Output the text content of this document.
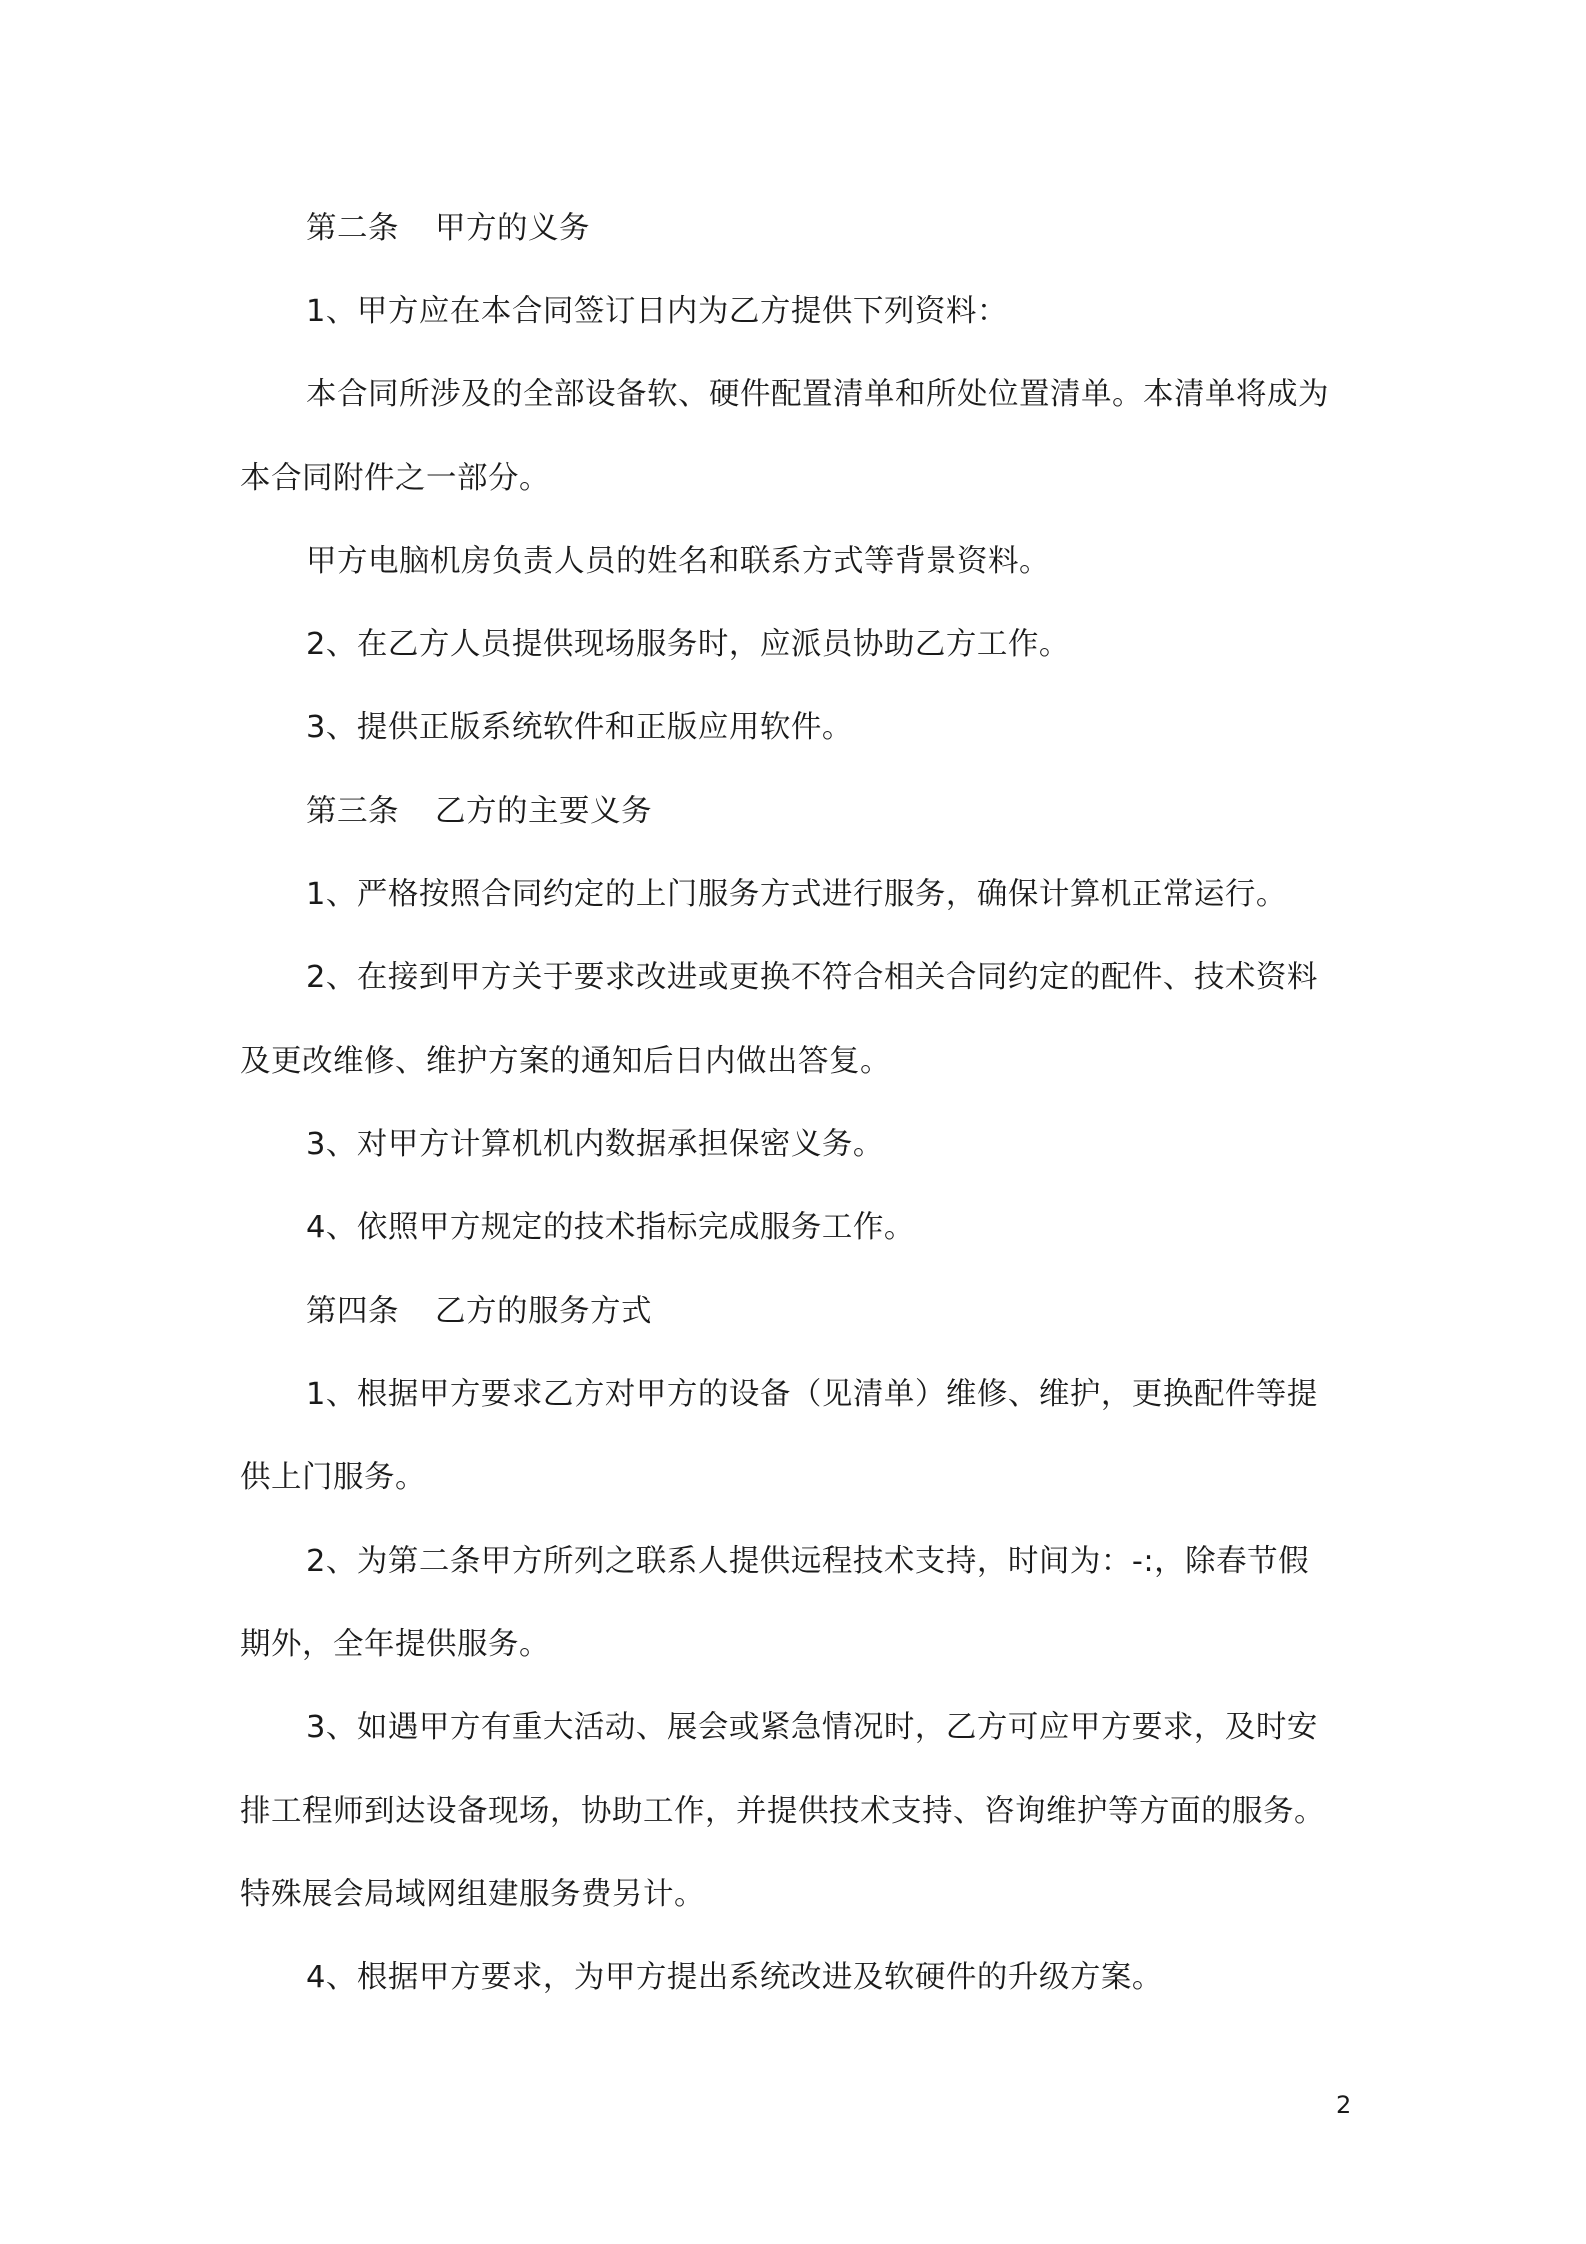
第二条 甲方的义务
1、甲方应在本合同签订日内为乙方提供下列资料：
本合同所涉及的全部设备软、硬件配置清单和所处位置清单。本清单将成为
本合同附件之一部分。
甲方电脑机房负责人员的姓名和联系方式等背景资料。
2、在乙方人员提供现场服务时，应派员协助乙方工作。
3、提供正版系统软件和正版应用软件。
第三条 乙方的主要义务
1、严格按照合同约定的上门服务方式进行服务，确保计算机正常运行。
2、在接到甲方关于要求改进或更换不符合相关合同约定的配件、技术资料
及更改维修、维护方案的通知后日内做出答复。
3、对甲方计算机机内数据承担保密义务。
4、依照甲方规定的技术指标完成服务工作。
第四条 乙方的服务方式
1、根据甲方要求乙方对甲方的设备（见清单）维修、维护，更换配件等提
供上门服务。
2、为第二条甲方所列之联系人提供远程技术支持，时间为：-:，除春节假
期外，全年提供服务。
3、如遇甲方有重大活动、展会或紧急情况时，乙方可应甲方要求，及时安
排工程师到达设备现场，协助工作，并提供技术支持、咨询维护等方面的服务。
特殊展会局域网组建服务费另计。
4、根据甲方要求，为甲方提出系统改进及软硬件的升级方案。
2
